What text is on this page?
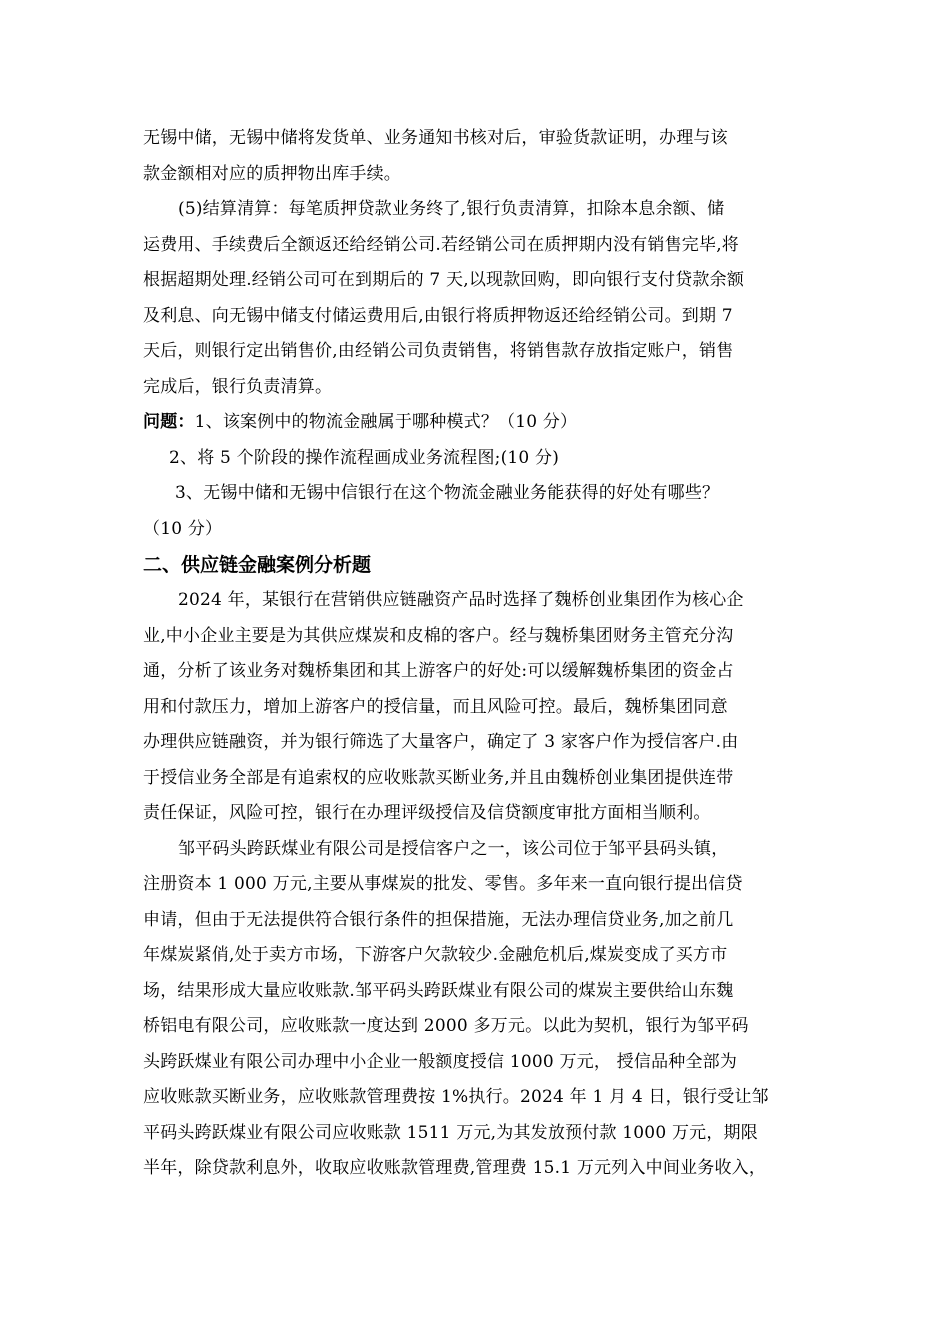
无锡中储，无锡中储将发货单、业务通知书核对后，审验货款证明，办理与该
款金额相对应的质押物出库手续。
(5)结算清算：每笔质押贷款业务终了,银行负责清算，扣除本息余额、储
运费用、手续费后全额返还给经销公司.若经销公司在质押期内没有销售完毕,将
根据超期处理.经销公司可在到期后的 7 天,以现款回购，即向银行支付贷款余额
及利息、向无锡中储支付储运费用后,由银行将质押物返还给经销公司。到期 7
天后，则银行定出销售价,由经销公司负责销售，将销售款存放指定账户，销售
完成后，银行负责清算。
问题：1、该案例中的物流金融属于哪种模式？（10 分）
2、将 5 个阶段的操作流程画成业务流程图;(10 分)
3、无锡中储和无锡中信银行在这个物流金融业务能获得的好处有哪些？
（10 分）
二、供应链金融案例分析题
2024 年，某银行在营销供应链融资产品时选择了魏桥创业集团作为核心企
业,中小企业主要是为其供应煤炭和皮棉的客户。经与魏桥集团财务主管充分沟
通，分析了该业务对魏桥集团和其上游客户的好处:可以缓解魏桥集团的资金占
用和付款压力，增加上游客户的授信量，而且风险可控。最后，魏桥集团同意
办理供应链融资，并为银行筛选了大量客户，确定了 3 家客户作为授信客户.由
于授信业务全部是有追索权的应收账款买断业务,并且由魏桥创业集团提供连带
责任保证，风险可控，银行在办理评级授信及信贷额度审批方面相当顺利。
邹平码头跨跃煤业有限公司是授信客户之一，该公司位于邹平县码头镇，
注册资本 1 000 万元,主要从事煤炭的批发、零售。多年来一直向银行提出信贷
申请，但由于无法提供符合银行条件的担保措施，无法办理信贷业务,加之前几
年煤炭紧俏,处于卖方市场，下游客户欠款较少.金融危机后,煤炭变成了买方市
场，结果形成大量应收账款.邹平码头跨跃煤业有限公司的煤炭主要供给山东魏
桥铝电有限公司，应收账款一度达到 2000 多万元。以此为契机，银行为邹平码
头跨跃煤业有限公司办理中小企业一般额度授信 1000 万元， 授信品种全部为
应收账款买断业务，应收账款管理费按 1%执行。2024 年 1 月 4 日，银行受让邹
平码头跨跃煤业有限公司应收账款 1511 万元,为其发放预付款 1000 万元，期限
半年，除贷款利息外，收取应收账款管理费,管理费 15.1 万元列入中间业务收入，
